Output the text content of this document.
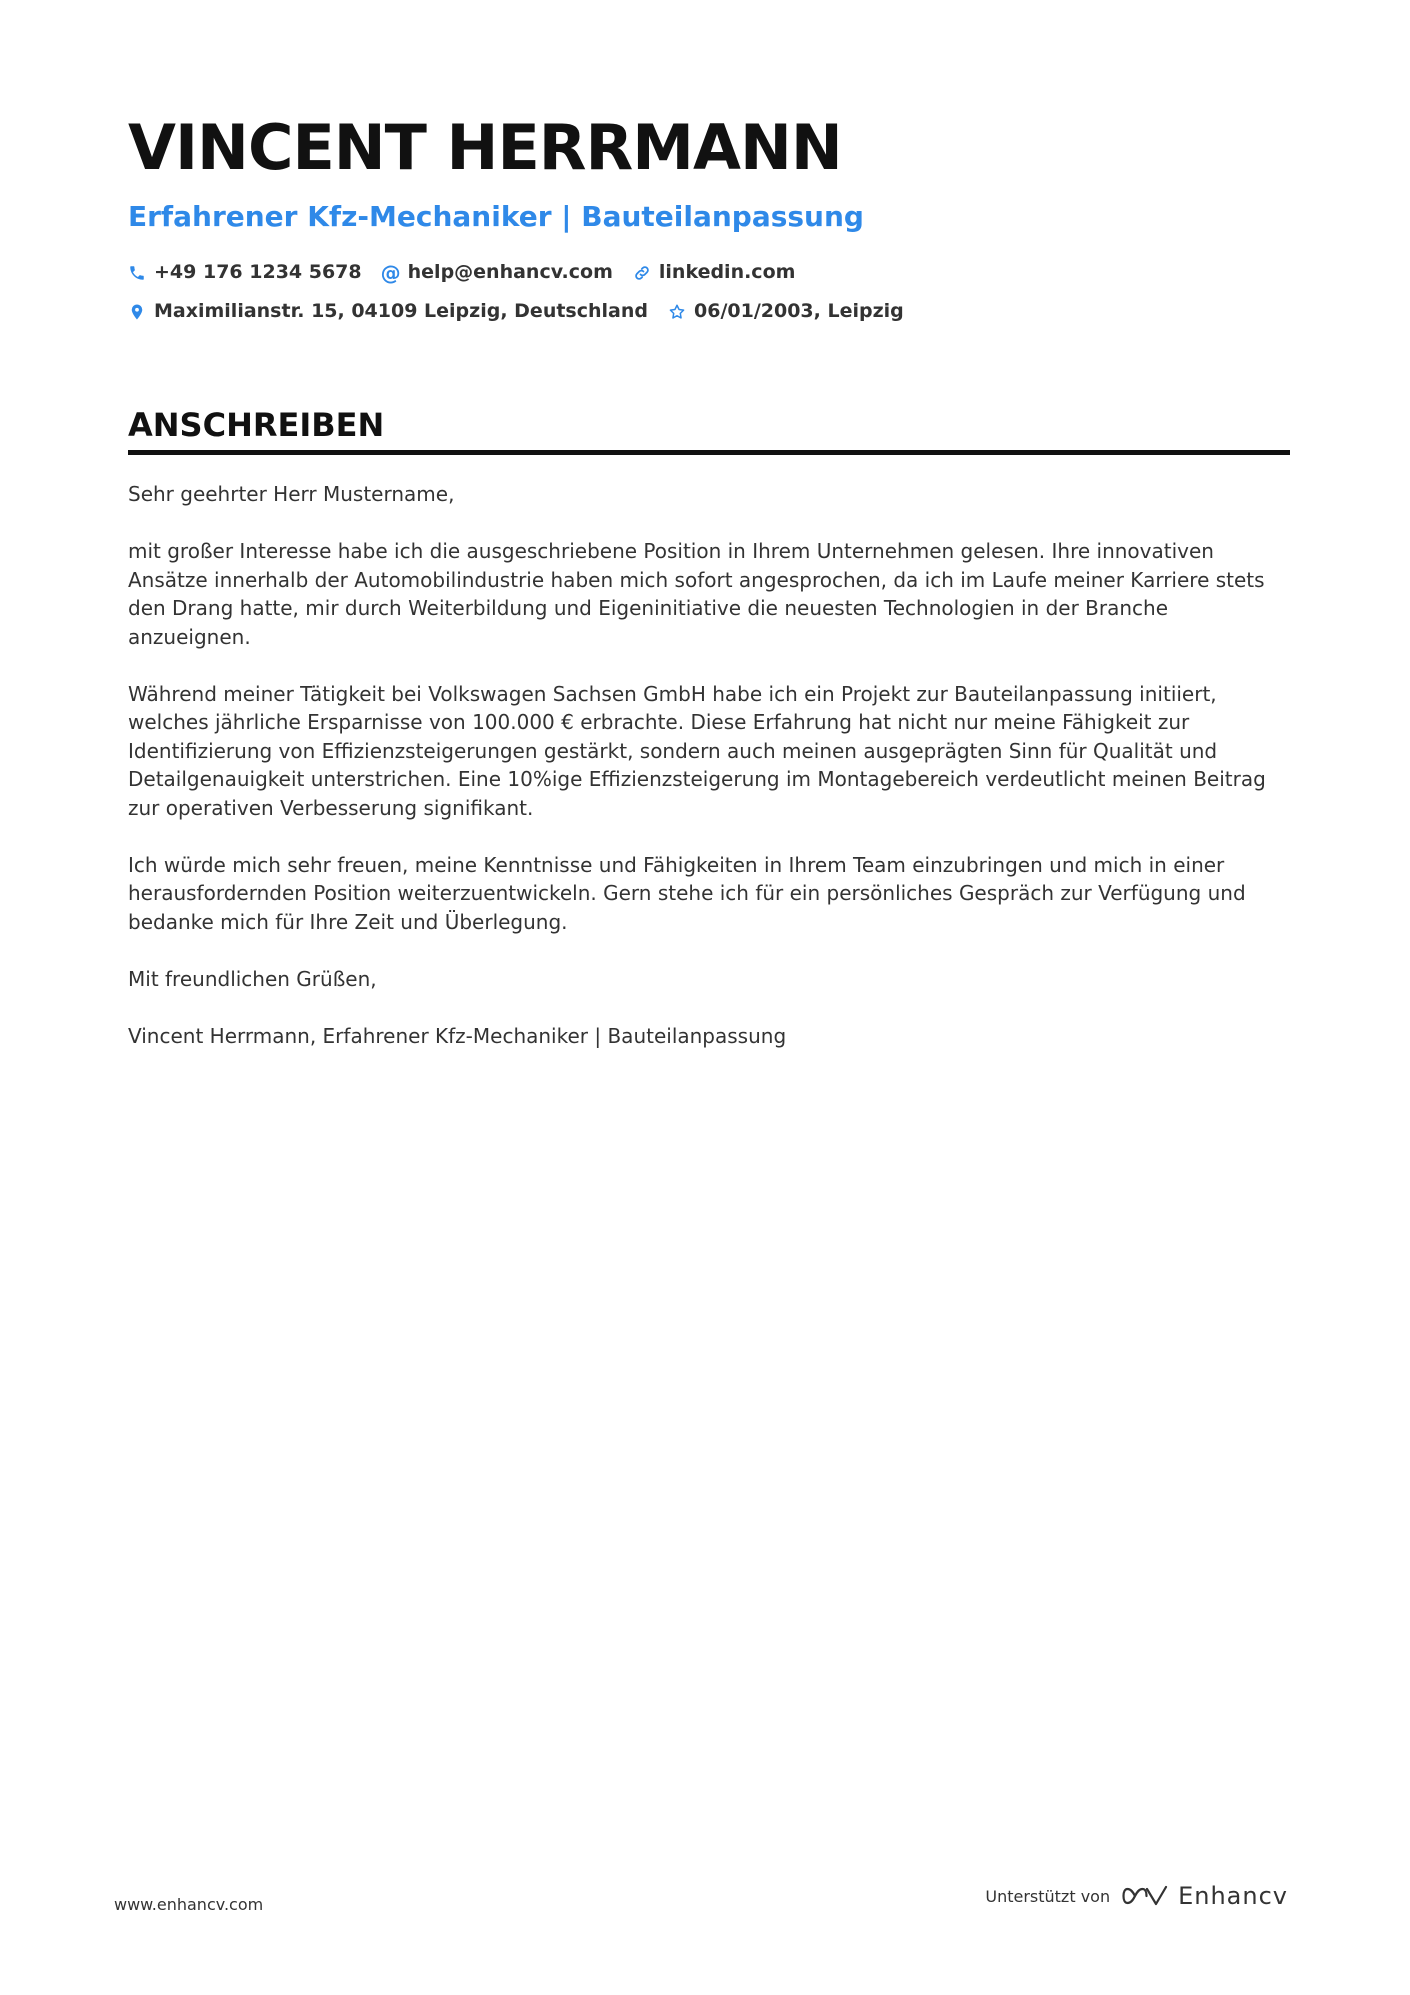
VINCENT HERRMANN
Erfahrener Kfz-Mechaniker | Bauteilanpassung
+49 176 1234 5678 @ help@enhancv.com linkedin.com
Maximilianstr. 15, 04109 Leipzig, Deutschland 06/01/2003, Leipzig
ANSCHREIBEN

Sehr geehrter Herr Mustername,

mit großer Interesse habe ich die ausgeschriebene Position in Ihrem Unternehmen gelesen. Ihre innovativen Ansätze innerhalb der Automobilindustrie haben mich sofort angesprochen, da ich im Laufe meiner Karriere stets den Drang hatte, mir durch Weiterbildung und Eigeninitiative die neuesten Technologien in der Branche anzueignen.

Während meiner Tätigkeit bei Volkswagen Sachsen GmbH habe ich ein Projekt zur Bauteilanpassung initiiert, welches jährliche Ersparnisse von 100.000 € erbrachte. Diese Erfahrung hat nicht nur meine Fähigkeit zur Identifizierung von Effizienzsteigerungen gestärkt, sondern auch meinen ausgeprägten Sinn für Qualität und Detailgenauigkeit unterstrichen. Eine 10%ige Effizienzsteigerung im Montagebereich verdeutlicht meinen Beitrag zur operativen Verbesserung signifikant.

Ich würde mich sehr freuen, meine Kenntnisse und Fähigkeiten in Ihrem Team einzubringen und mich in einer herausfordernden Position weiterzuentwickeln. Gern stehe ich für ein persönliches Gespräch zur Verfügung und bedanke mich für Ihre Zeit und Überlegung.

Mit freundlichen Grüßen,

Vincent Herrmann, Erfahrener Kfz-Mechaniker | Bauteilanpassung

www.enhancv.com	Unterstützt von	Enhancv
